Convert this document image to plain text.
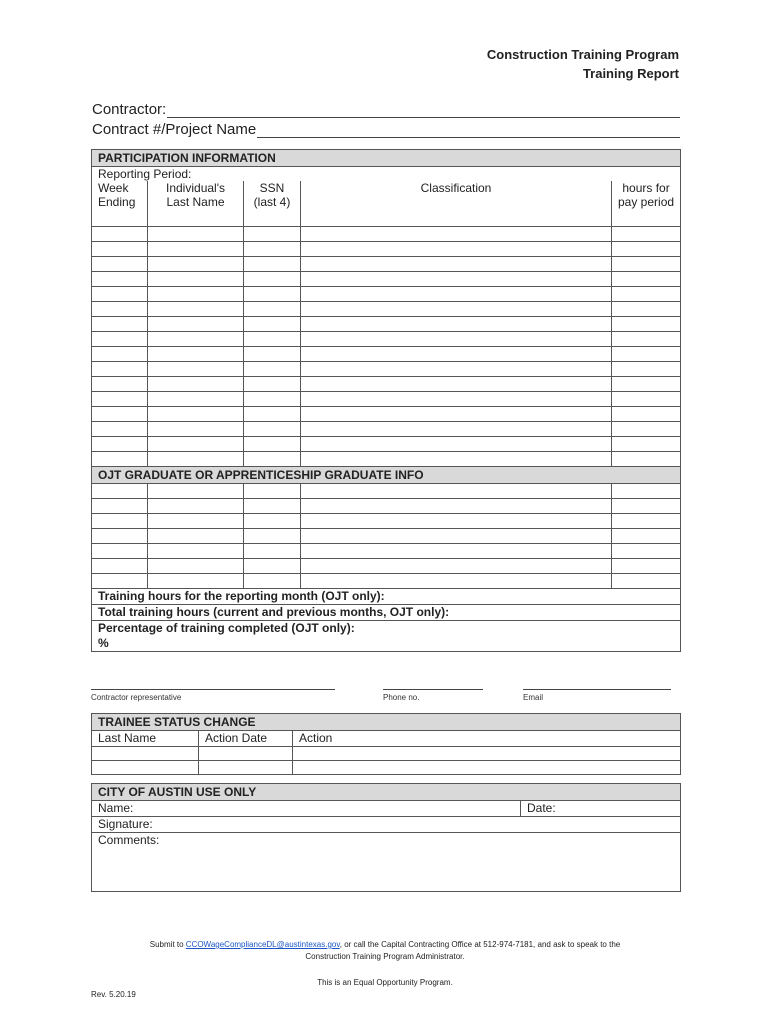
Construction Training Program
Training Report
Contractor:
Contract #/Project Name
PARTICIPATION INFORMATION				
Reporting Period:				
Week Ending	Individual's Last Name	SSN (last 4)	Classification	hours for pay period

OJT GRADUATE OR APPRENTICESHIP GRADUATE INFO				

Training hours for the reporting month (OJT only):				
Total training hours (current and previous months, OJT only):				

Percentage of training completed (OJT only):
%				
Contractor representative	Phone no.	Email
TRAINEE STATUS CHANGE		
Last Name	Action Date	Action

CITY OF AUSTIN USE ONLY
Name:	Date:
Signature:
Comments:
Submit to CCOWageComplianceDL@austintexas.gov, or call the Capital Contracting Office at 512-974-7181, and ask to speak to the
Construction Training Program Administrator.
This is an Equal Opportunity Program.
Rev. 5.20.19
